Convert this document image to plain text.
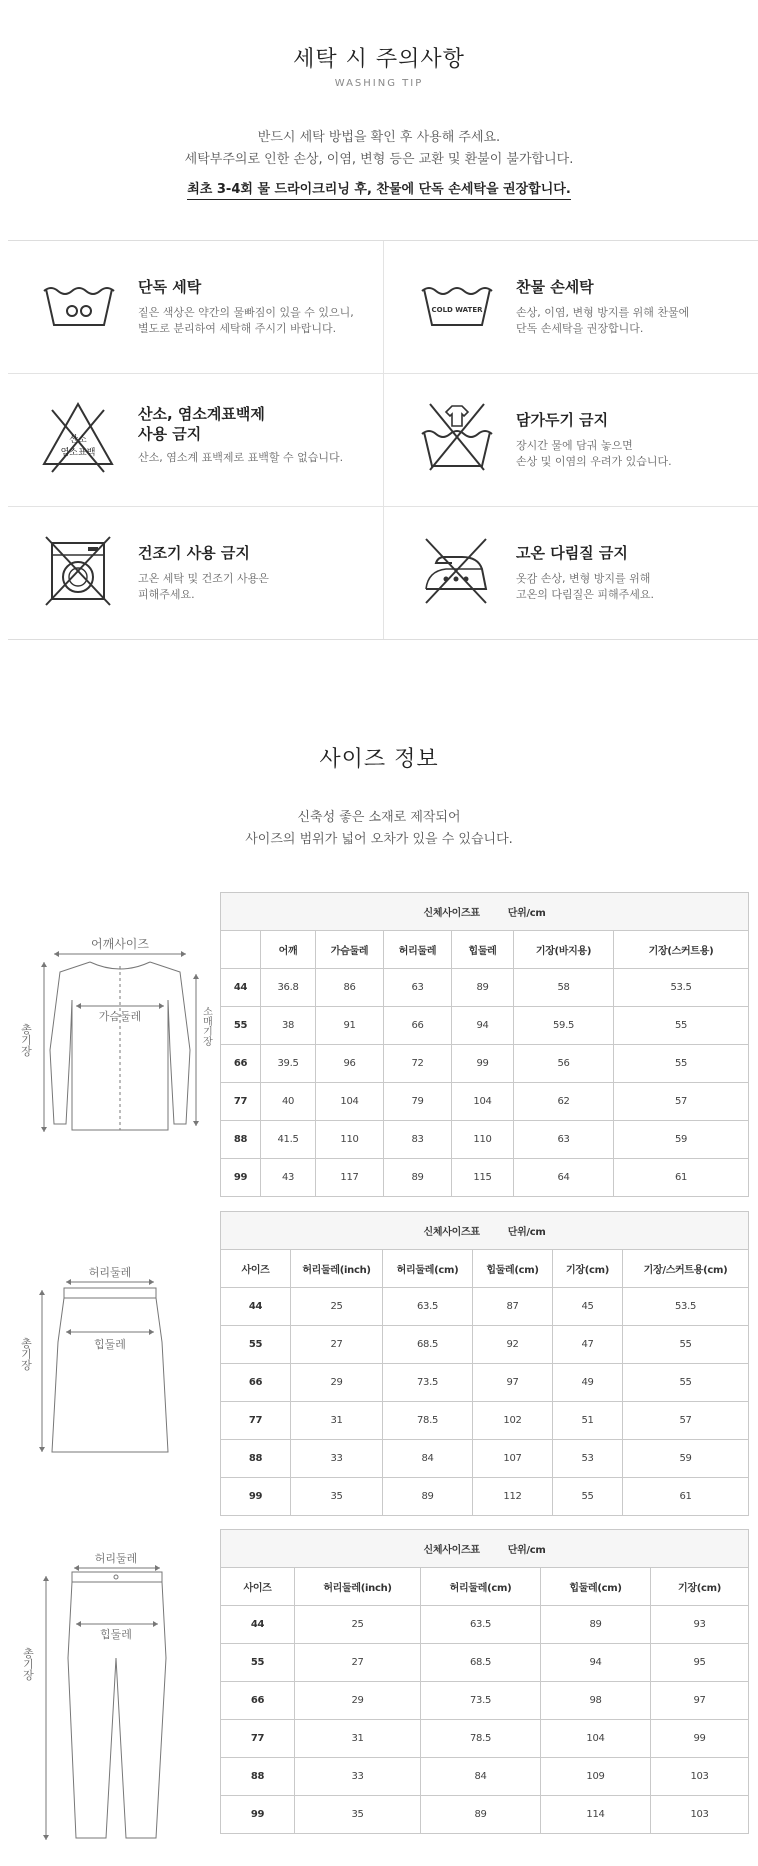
세탁 시 주의사항
WASHING TIP
반드시 세탁 방법을 확인 후 사용해 주세요.
세탁부주의로 인한 손상, 이염, 변형 등은 교환 및 환불이 불가합니다.
최초 3-4회 물 드라이크리닝 후, 찬물에 단독 손세탁을 권장합니다.
단독 세탁
짙은 색상은 약간의 물빠짐이 있을 수 있으니,
별도로 분리하여 세탁해 주시기 바랍니다.
COLD WATER
찬물 손세탁
손상, 이염, 변형 방지를 위해 찬물에
단독 손세탁을 권장합니다.
산소
염소표백
산소, 염소계표백제
사용 금지
산소, 염소계 표백제로 표백할 수 없습니다.
담가두기 금지
장시간 물에 담궈 놓으면
손상 및 이염의 우려가 있습니다.
건조기 사용 금지
고온 세탁 및 건조기 사용은
피해주세요.
고온 다림질 금지
옷감 손상, 변형 방지를 위해
고온의 다림질은 피해주세요.
사이즈 정보
신축성 좋은 소재로 제작되어
사이즈의 범위가 넓어 오차가 있을 수 있습니다.
어깨사이즈
가슴둘레
총기장	소매기장
허리둘레
힙둘레
총기장
허리둘레
힙둘레
총기장
신체사이즈표 단위/cm						
	어깨	가슴둘레	허리둘레	힙둘레	기장(바지용)	기장(스커트용)
44	36.8	86	63	89	58	53.5
55	38	91	66	94	59.5	55
66	39.5	96	72	99	56	55
77	40	104	79	104	62	57
88	41.5	110	83	110	63	59
99	43	117	89	115	64	61
신체사이즈표 단위/cm					
사이즈	허리둘레(inch)	허리둘레(cm)	힙둘레(cm)	기장(cm)	기장/스커트용(cm)
44	25	63.5	87	45	53.5
55	27	68.5	92	47	55
66	29	73.5	97	49	55
77	31	78.5	102	51	57
88	33	84	107	53	59
99	35	89	112	55	61
신체사이즈표 단위/cm				
사이즈	허리둘레(inch)	허리둘레(cm)	힙둘레(cm)	기장(cm)
44	25	63.5	89	93
55	27	68.5	94	95
66	29	73.5	98	97
77	31	78.5	104	99
88	33	84	109	103
99	35	89	114	103
